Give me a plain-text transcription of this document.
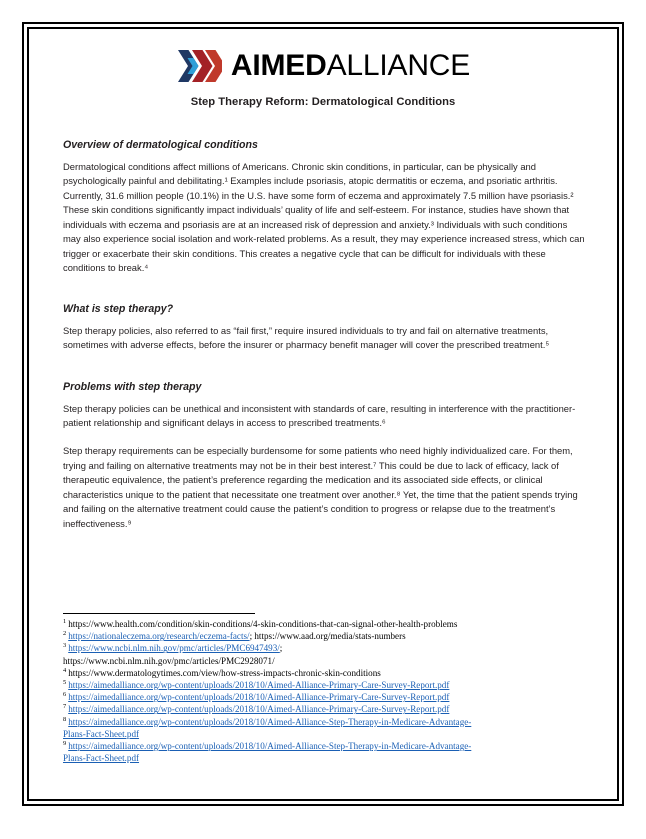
AIMEDALLIANCE
Step Therapy Reform: Dermatological Conditions
Overview of dermatological conditions

Dermatological conditions affect millions of Americans. Chronic skin conditions, in particular, can be physically and psychologically painful and debilitating.¹ Examples include psoriasis, atopic dermatitis or eczema, and psoriatic arthritis. Currently, 31.6 million people (10.1%) in the U.S. have some form of eczema and approximately 7.5 million have psoriasis.² These skin conditions significantly impact individuals’ quality of life and self-esteem. For instance, studies have shown that individuals with eczema and psoriasis are at an increased risk of depression and anxiety.³ Individuals with such conditions may also experience social isolation and work-related problems. As a result, they may experience increased stress, which can trigger or exacerbate their skin conditions. This creates a negative cycle that can be difficult for individuals with these conditions to break.⁴

What is step therapy?

Step therapy policies, also referred to as “fail first,” require insured individuals to try and fail on alternative treatments, sometimes with adverse effects, before the insurer or pharmacy benefit manager will cover the prescribed treatment.⁵

Problems with step therapy

Step therapy policies can be unethical and inconsistent with standards of care, resulting in interference with the practitioner-patient relationship and significant delays in access to prescribed treatments.⁶

Step therapy requirements can be especially burdensome for some patients who need highly individualized care. For them, trying and failing on alternative treatments may not be in their best interest.⁷ This could be due to lack of efficacy, lack of therapeutic equivalence, the patient’s preference regarding the medication and its associated side effects, or clinical characteristics unique to the patient that necessitate one treatment over another.⁸ Yet, the time that the patient spends trying and failing on the alternative treatment could cause the patient’s condition to progress or relapse due to the treatment’s ineffectiveness.⁹

$^1$ https://www.health.com/condition/skin-conditions/4-skin-conditions-that-can-signal-other-health-problems
$^2$ https://nationaleczema.org/research/eczema-facts/; https://www.aad.org/media/stats-numbers
$^3$ https://www.ncbi.nlm.nih.gov/pmc/articles/PMC6947493/;
https://www.ncbi.nlm.nih.gov/pmc/articles/PMC2928071/
$^4$ https://www.dermatologytimes.com/view/how-stress-impacts-chronic-skin-conditions
$^5$ https://aimedalliance.org/wp-content/uploads/2018/10/Aimed-Alliance-Primary-Care-Survey-Report.pdf
$^6$ https://aimedalliance.org/wp-content/uploads/2018/10/Aimed-Alliance-Primary-Care-Survey-Report.pdf
$^7$ https://aimedalliance.org/wp-content/uploads/2018/10/Aimed-Alliance-Primary-Care-Survey-Report.pdf
$^8$ https://aimedalliance.org/wp-content/uploads/2018/10/Aimed-Alliance-Step-Therapy-in-Medicare-Advantage-
Plans-Fact-Sheet.pdf
$^9$ https://aimedalliance.org/wp-content/uploads/2018/10/Aimed-Alliance-Step-Therapy-in-Medicare-Advantage-
Plans-Fact-Sheet.pdf
